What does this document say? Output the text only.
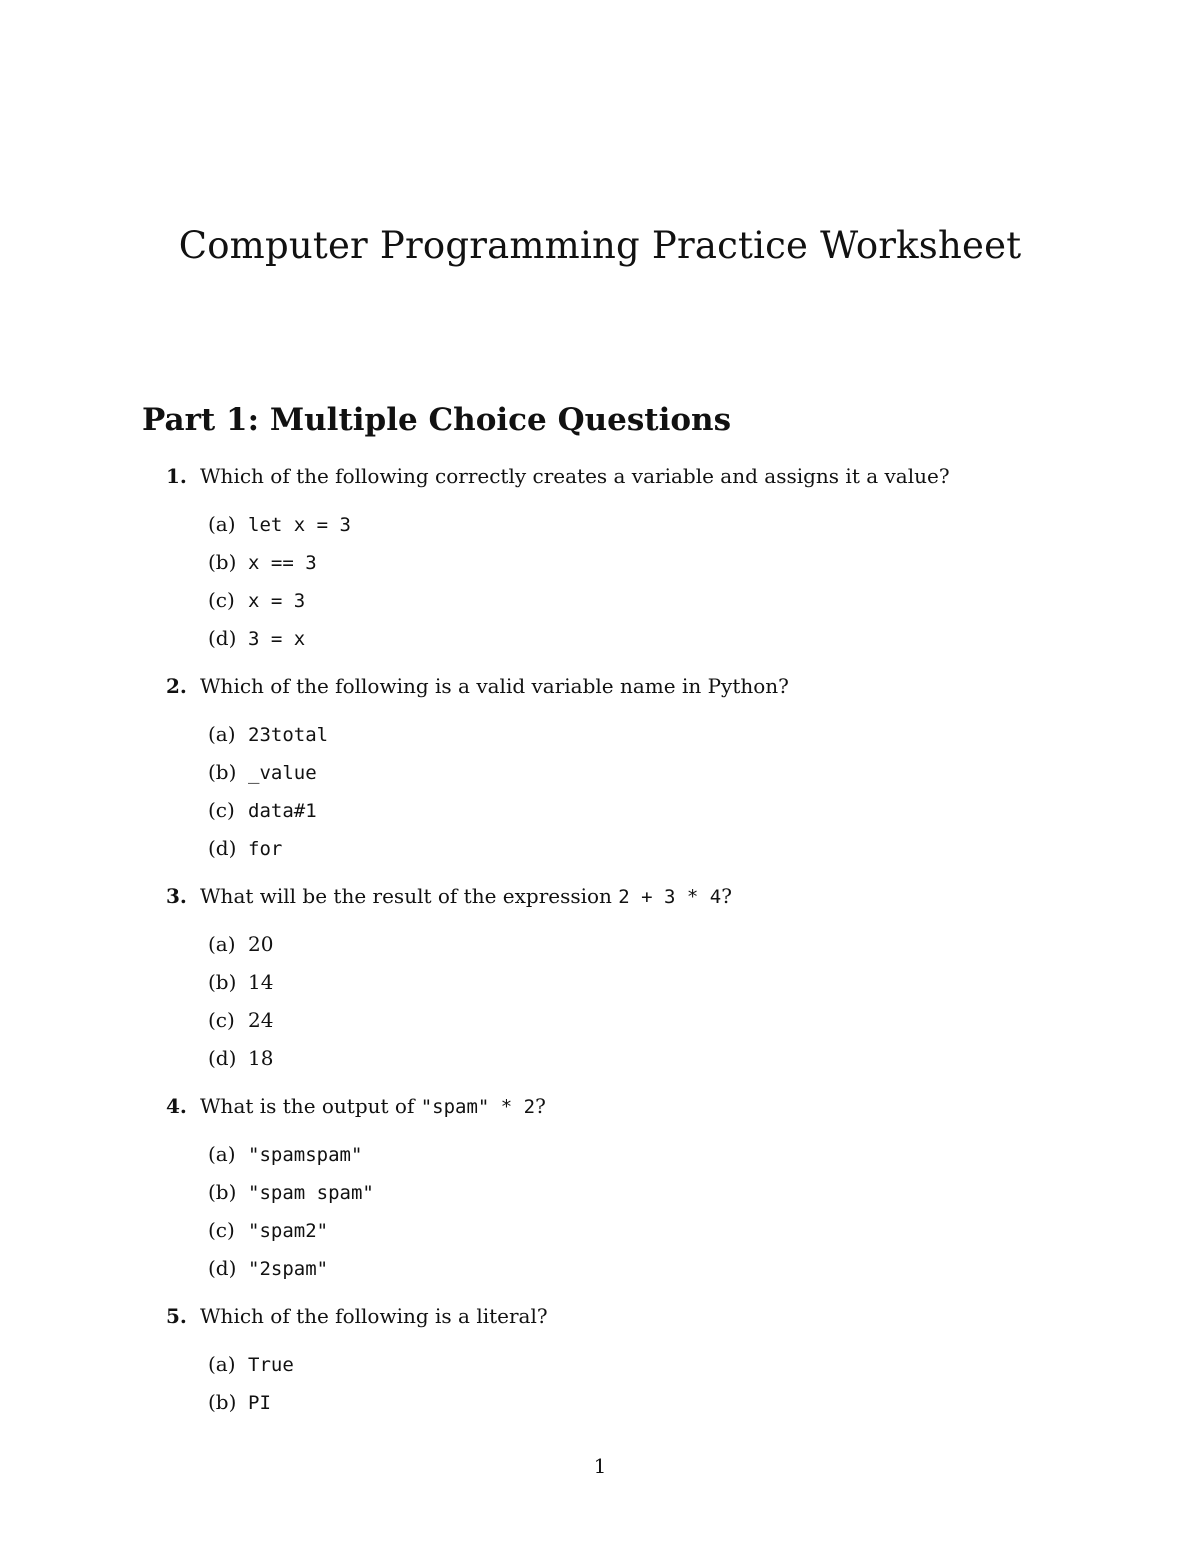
Computer Programming Practice Worksheet
Part 1: Multiple Choice Questions
1. Which of the following correctly creates a variable and assigns it a value?
(a) let x = 3
(b) x == 3
(c) x = 3
(d) 3 = x
2. Which of the following is a valid variable name in Python?
(a) 23total
(b) _value
(c) data#1
(d) for
3. What will be the result of the expression 2 + 3 * 4?
(a) 20
(b) 14
(c) 24
(d) 18
4. What is the output of "spam" * 2?
(a) "spamspam"
(b) "spam spam"
(c) "spam2"
(d) "2spam"
5. Which of the following is a literal?
(a) True
(b) PI
1
